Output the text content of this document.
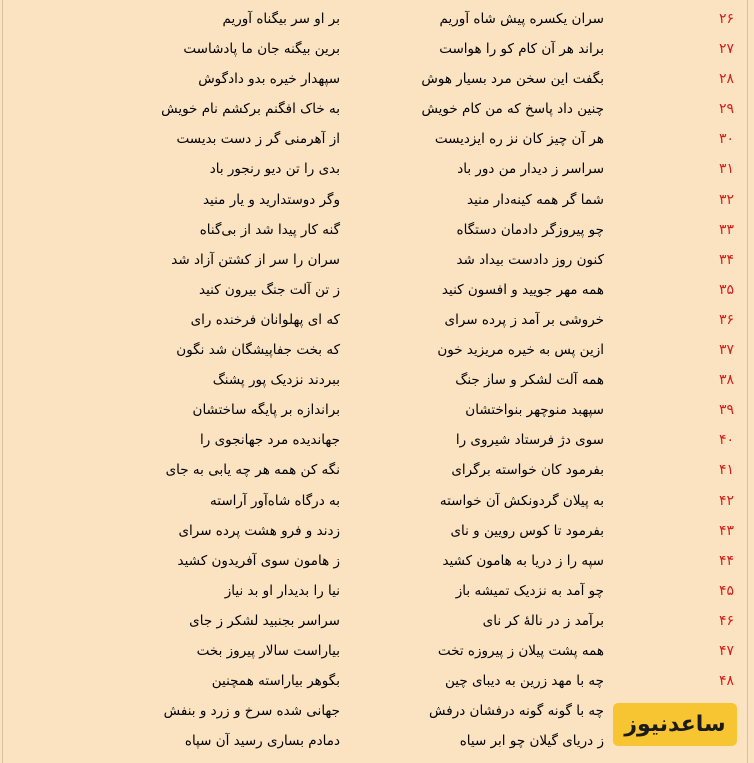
۲۶
سران یکسره پیش شاه آوریم
بر او سر بیگناه آوریم
۲۷
براند هر آن کام کو را هواست
برین بیگنه جان ما پادشاست
۲۸
بگفت این سخن مرد بسیار هوش
سپهدار خیره بدو دادگوش
۲۹
چنین داد پاسخ که من کام خویش
به خاک افگنم برکشم نام خویش
۳۰
هر آن چیز کان نز ره ایزدیست
از آهرمنی گر ز دست بدیست
۳۱
سراسر ز دیدار من دور باد
بدی را تن دیو رنجور باد
۳۲
شما گر همه کینه‌دار منید
وگر دوستدارید و یار منید
۳۳
چو پیروزگر دادمان دستگاه
گنه کار پیدا شد از بی‌گناه
۳۴
کنون روز دادست بیداد شد
سران را سر از کشتن آزاد شد
۳۵
همه مهر جویید و افسون کنید
ز تن آلت جنگ بیرون کنید
۳۶
خروشی بر آمد ز پرده سرای
که ای پهلوانان فرخنده رای
۳۷
ازین پس به خیره مریزید خون
که بخت جفاپیشگان شد نگون
۳۸
همه آلت لشکر و ساز جنگ
ببردند نزدیک پور پشنگ
۳۹
سپهبد منوچهر بنواختشان
براندازه بر پایگه ساختشان
۴۰
سوی دژ فرستاد شیروی را
جهاندیده مرد جهانجوی را
۴۱
بفرمود کان خواسته برگرای
نگه کن همه هر چه یابی به جای
۴۲
به پیلان گردونکش آن خواسته
به درگاه شاه‌آور آراسته
۴۳
بفرمود تا کوس رویین و نای
زدند و فرو هشت پرده سرای
۴۴
سپه را ز دریا به هامون کشید
ز هامون سوی آفریدون کشید
۴۵
چو آمد به نزدیک تمیشه باز
نیا را بدیدار او بد نیاز
۴۶
برآمد ز در نالهٔ کر نای
سراسر بجنبید لشکر ز جای
۴۷
همه پشت پیلان ز پیروزه تخت
بیاراست سالار پیروز بخت
۴۸
چه با مهد زرین به دیبای چین
بگوهر بیاراسته همچنین
چه با گونه گونه درفشان درفش
جهانی شده سرخ و زرد و بنفش
ز دریای گیلان چو ابر سیاه
دمادم بساری رسید آن سپاه
ساعدنیوز
